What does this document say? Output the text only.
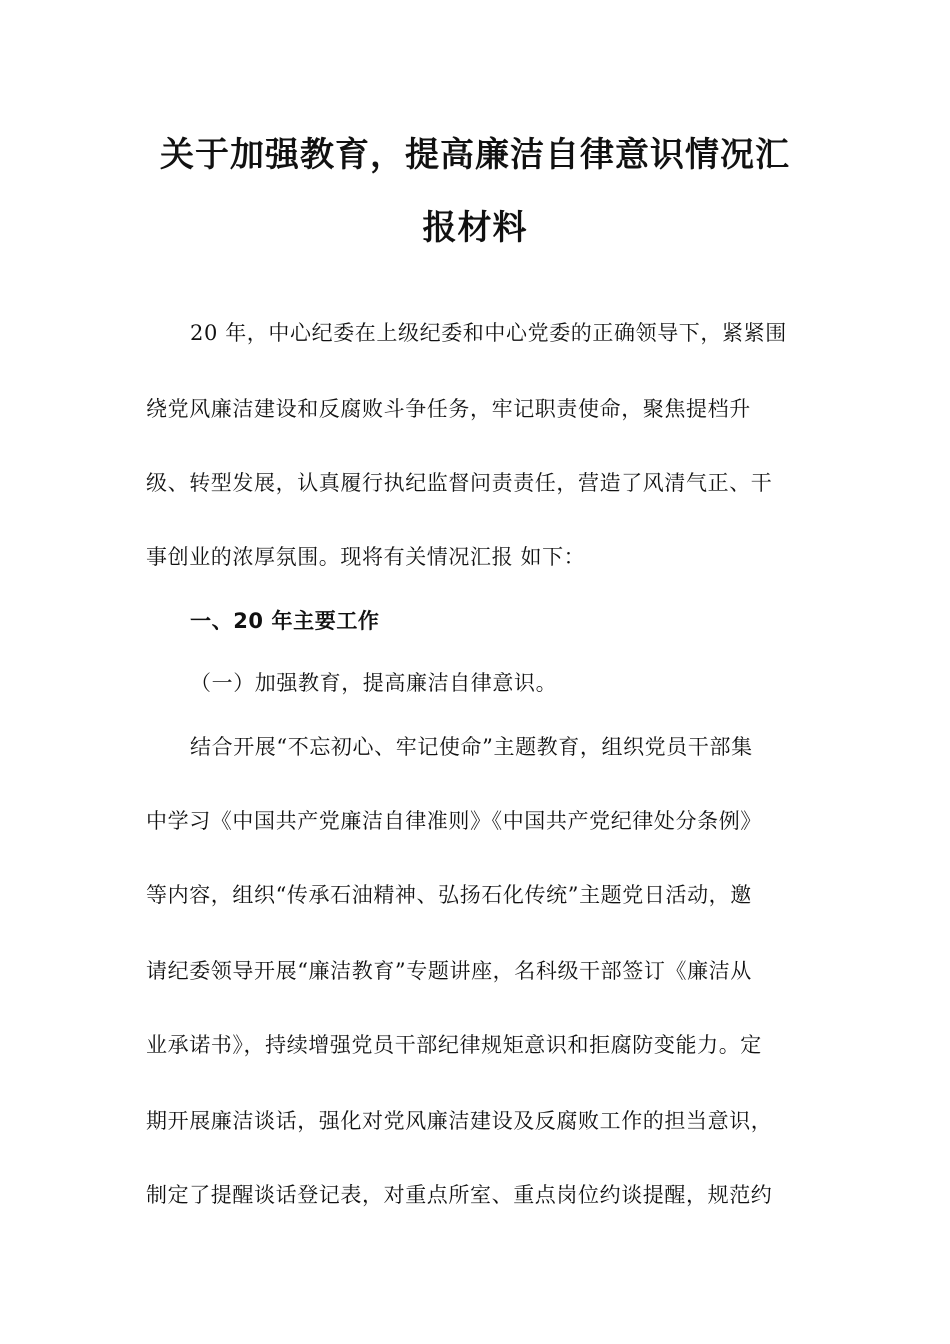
关于加强教育，提高廉洁自律意识情况汇
报材料
20 年，中心纪委在上级纪委和中心党委的正确领导下，紧紧围
绕党风廉洁建设和反腐败斗争任务，牢记职责使命，聚焦提档升
级、转型发展，认真履行执纪监督问责责任，营造了风清气正、干
事创业的浓厚氛围。现将有关情况汇报 如下：
一、20 年主要工作
（一）加强教育，提高廉洁自律意识。
结合开展“不忘初心、牢记使命”主题教育，组织党员干部集
中学习《中国共产党廉洁自律准则》《中国共产党纪律处分条例》
等内容，组织“传承石油精神、弘扬石化传统”主题党日活动，邀
请纪委领导开展“廉洁教育”专题讲座，名科级干部签订《廉洁从
业承诺书》，持续增强党员干部纪律规矩意识和拒腐防变能力。定
期开展廉洁谈话，强化对党风廉洁建设及反腐败工作的担当意识，
制定了提醒谈话登记表，对重点所室、重点岗位约谈提醒，规范约
